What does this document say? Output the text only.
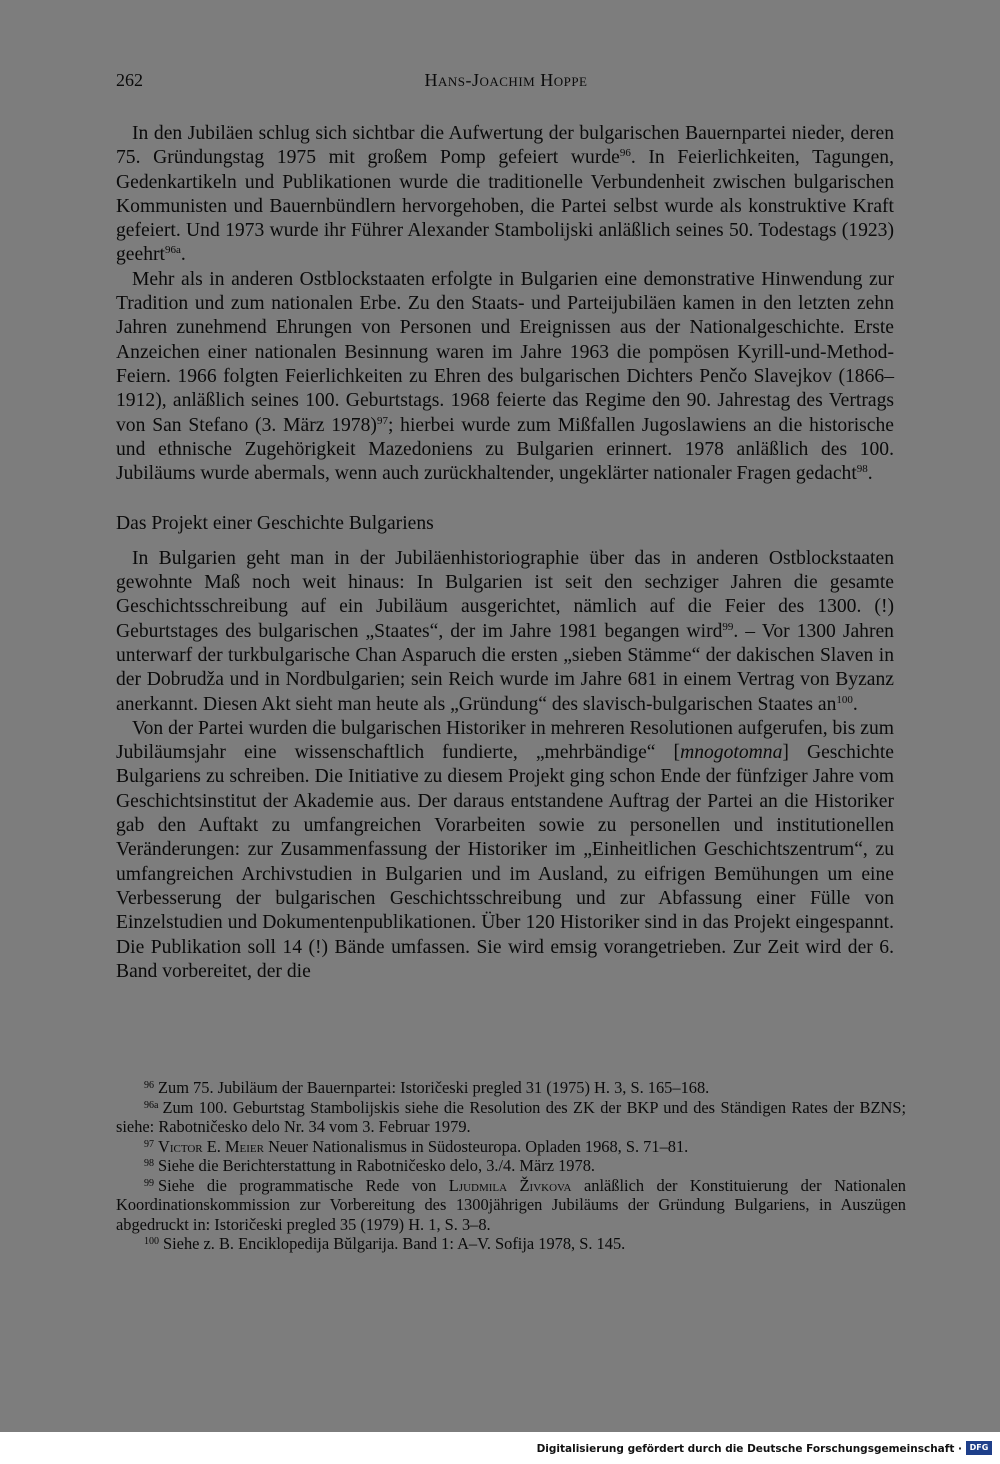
262	Hans-Joachim Hoppe

In den Jubiläen schlug sich sichtbar die Aufwertung der bulgarischen Bauernpartei nieder, deren 75. Gründungstag 1975 mit großem Pomp gefeiert wurde$^{96}$. In Feierlichkeiten, Tagungen, Gedenkartikeln und Publikationen wurde die traditionelle Verbundenheit zwischen bulgarischen Kommunisten und Bauernbündlern hervorgehoben, die Partei selbst wurde als konstruktive Kraft gefeiert. Und 1973 wurde ihr Führer Alexander Stambolijski anläßlich seines 50. Todestags (1923) geehrt$^{96a}$.

Mehr als in anderen Ostblockstaaten erfolgte in Bulgarien eine demonstrative Hinwendung zur Tradition und zum nationalen Erbe. Zu den Staats- und Parteijubiläen kamen in den letzten zehn Jahren zunehmend Ehrungen von Personen und Ereignissen aus der Nationalgeschichte. Erste Anzeichen einer nationalen Besinnung waren im Jahre 1963 die pompösen Kyrill-und-Method-Feiern. 1966 folgten Feierlichkeiten zu Ehren des bulgarischen Dichters Penčo Slavejkov (1866–1912), anläßlich seines 100. Geburtstags. 1968 feierte das Regime den 90. Jahrestag des Vertrags von San Stefano (3. März 1978)$^{97}$; hierbei wurde zum Mißfallen Jugoslawiens an die historische und ethnische Zugehörigkeit Mazedoniens zu Bulgarien erinnert. 1978 anläßlich des 100. Jubiläums wurde abermals, wenn auch zurückhaltender, ungeklärter nationaler Fragen gedacht$^{98}$.

Das Projekt einer Geschichte Bulgariens

In Bulgarien geht man in der Jubiläenhistoriographie über das in anderen Ostblockstaaten gewohnte Maß noch weit hinaus: In Bulgarien ist seit den sechziger Jahren die gesamte Geschichtsschreibung auf ein Jubiläum ausgerichtet, nämlich auf die Feier des 1300. (!) Geburtstages des bulgarischen „Staates“, der im Jahre 1981 begangen wird$^{99}$. – Vor 1300 Jahren unterwarf der turkbulgarische Chan Asparuch die ersten „sieben Stämme“ der dakischen Slaven in der Dobrudža und in Nordbulgarien; sein Reich wurde im Jahre 681 in einem Vertrag von Byzanz anerkannt. Diesen Akt sieht man heute als „Gründung“ des slavisch-bulgarischen Staates $an^{100}$.

Von der Partei wurden die bulgarischen Historiker in mehreren Resolutionen aufgerufen, bis zum Jubiläumsjahr eine wissenschaftlich fundierte, „mehrbändige“ [mnogotomna] Geschichte Bulgariens zu schreiben. Die Initiative zu diesem Projekt ging schon Ende der fünfziger Jahre vom Geschichtsinstitut der Akademie aus. Der daraus entstandene Auftrag der Partei an die Historiker gab den Auftakt zu umfangreichen Vorarbeiten sowie zu personellen und institutionellen Veränderungen: zur Zusammenfassung der Historiker im „Einheitlichen Geschichtszentrum“, zu umfangreichen Archivstudien in Bulgarien und im Ausland, zu eifrigen Bemühungen um eine Verbesserung der bulgarischen Geschichtsschreibung und zur Abfassung einer Fülle von Einzelstudien und Dokumentenpublikationen. Über 120 Historiker sind in das Projekt eingespannt. Die Publikation soll 14 (!) Bände umfassen. Sie wird emsig vorangetrieben. Zur Zeit wird der 6. Band vorbereitet, der die

$^{96}$ Zum 75. Jubiläum der Bauernpartei: Istoričeski pregled 31 (1975) H. 3, S. 165–168.

$^{96a}$ Zum 100. Geburtstag Stambolijskis siehe die Resolution des ZK der BKP und des Ständigen Rates der BZNS; siehe: Rabotničesko delo Nr. 34 vom 3. Februar 1979.

$^{97}$ Victor E. Meier Neuer Nationalismus in Südosteuropa. Opladen 1968, S. 71–81.

$^{98}$ Siehe die Berichterstattung in Rabotničesko delo, 3./4. März 1978.

$^{99}$ Siehe die programmatische Rede von Ljudmila Živkova anläßlich der Konstituierung der Nationalen Koordinationskommission zur Vorbereitung des 1300jährigen Jubiläums der Gründung Bulgariens, in Auszügen abgedruckt in: Istoričeski pregled 35 (1979) H. 1, S. 3–8.

$^{100}$ Siehe z. B. Enciklopedija Bŭlgarija. Band 1: A–V. Sofija 1978, S. 145.

Digitalisierung gefördert durch die Deutsche Forschungsgemeinschaft · DFG
